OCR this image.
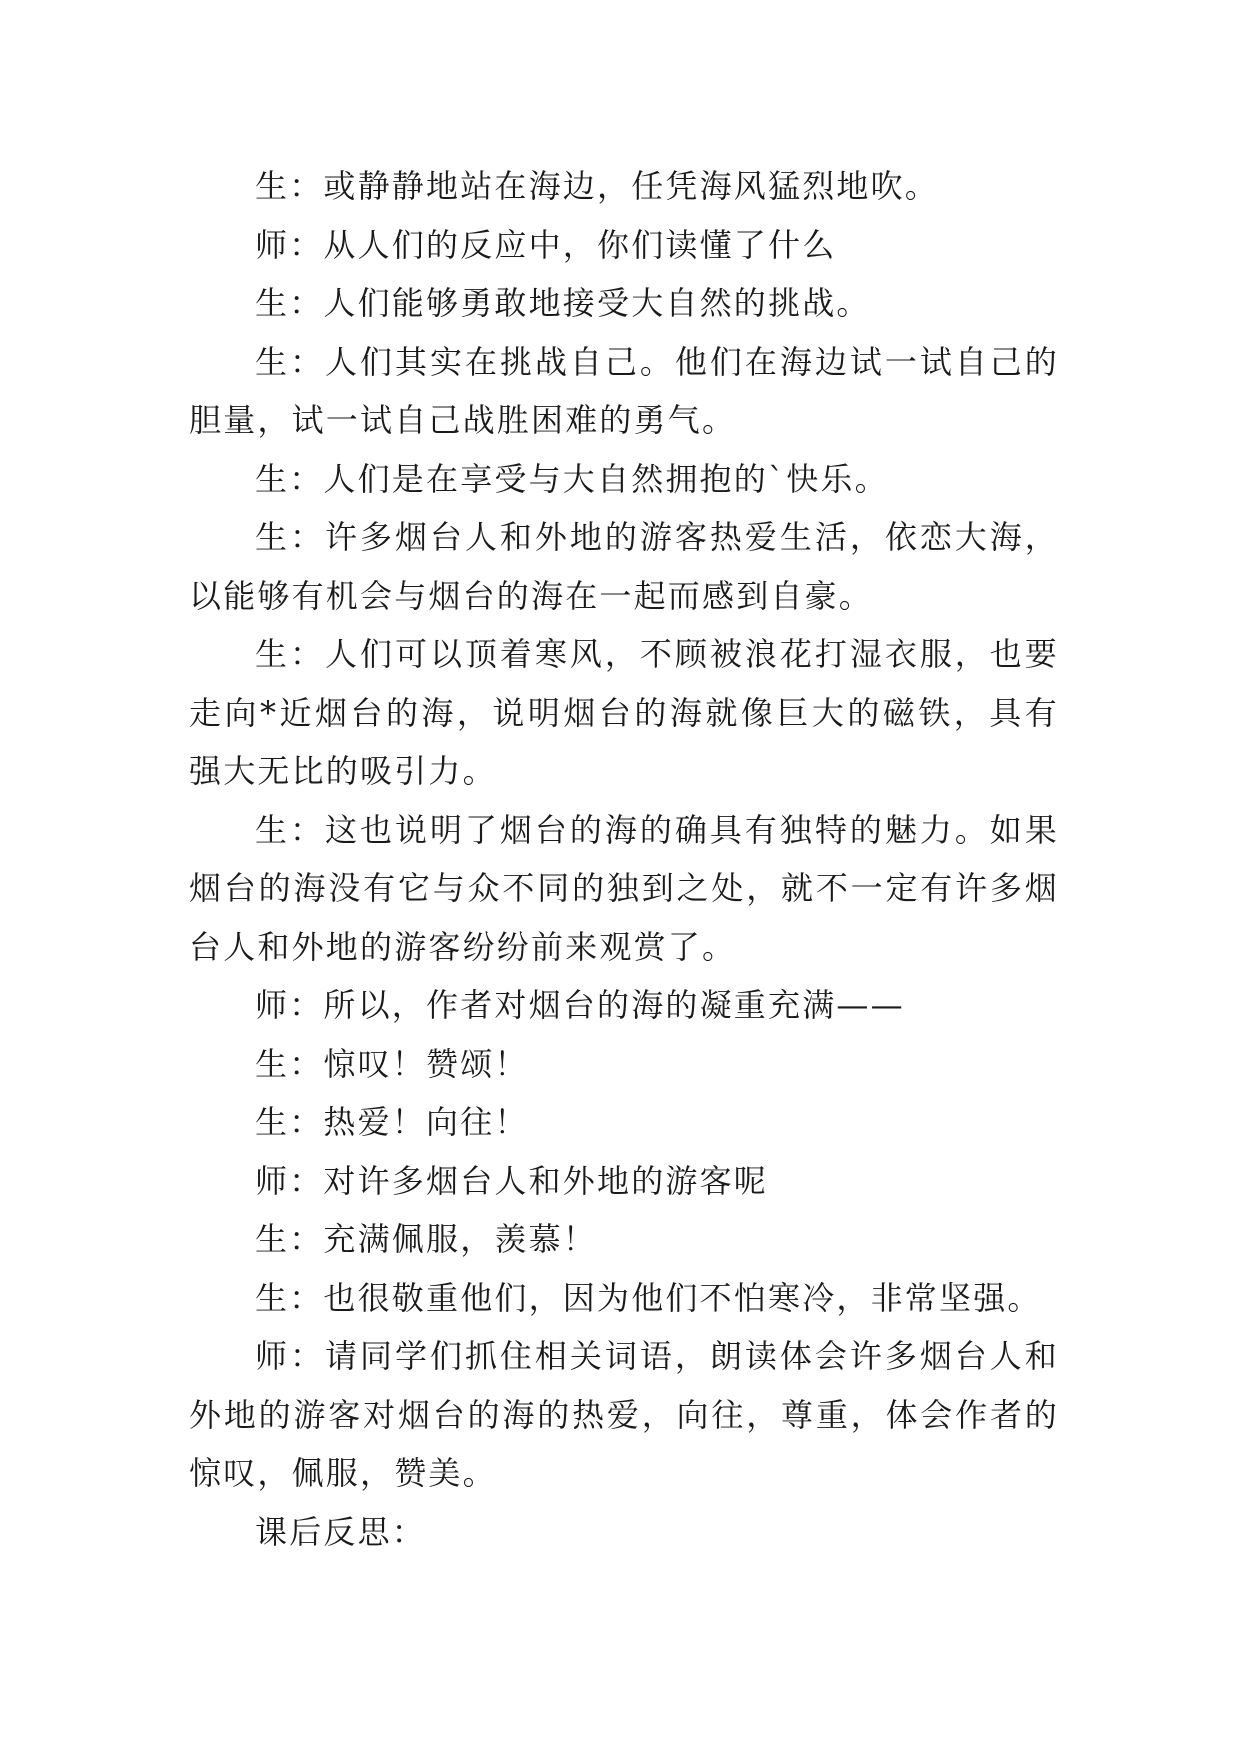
生：或静静地站在海边，任凭海风猛烈地吹。

师：从人们的反应中，你们读懂了什么

生：人们能够勇敢地接受大自然的挑战。

生：人们其实在挑战自己。他们在海边试一试自己的胆量，试一试自己战胜困难的勇气。

生：人们是在享受与大自然拥抱的`快乐。

生：许多烟台人和外地的游客热爱生活，依恋大海，以能够有机会与烟台的海在一起而感到自豪。

生：人们可以顶着寒风，不顾被浪花打湿衣服，也要走向*近烟台的海，说明烟台的海就像巨大的磁铁，具有强大无比的吸引力。

生：这也说明了烟台的海的确具有独特的魅力。如果烟台的海没有它与众不同的独到之处，就不一定有许多烟台人和外地的游客纷纷前来观赏了。

师：所以，作者对烟台的海的凝重充满——

生：惊叹！赞颂！

生：热爱！向往！

师：对许多烟台人和外地的游客呢

生：充满佩服，羡慕！

生：也很敬重他们，因为他们不怕寒冷，非常坚强。

师：请同学们抓住相关词语，朗读体会许多烟台人和外地的游客对烟台的海的热爱，向往，尊重，体会作者的惊叹，佩服，赞美。

课后反思：
